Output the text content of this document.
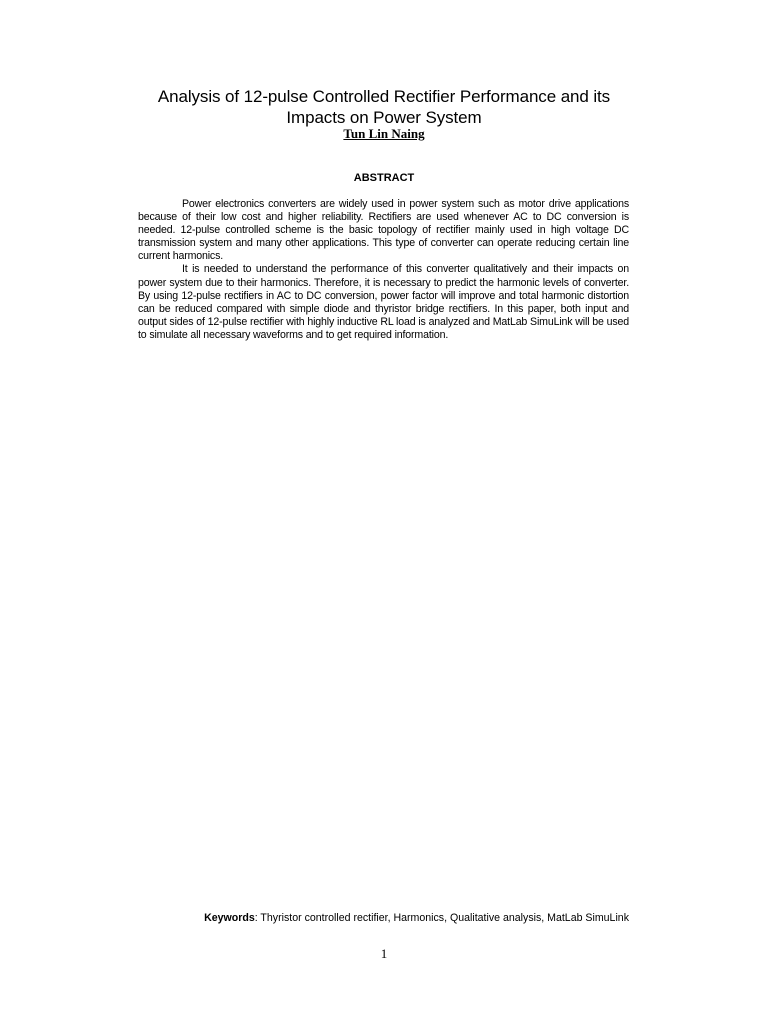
Analysis of 12-pulse Controlled Rectifier Performance and its
Impacts on Power System
Tun Lin Naing
ABSTRACT

Power electronics converters are widely used in power system such as motor drive applications because of their low cost and higher reliability. Rectifiers are used whenever AC to DC conversion is needed. 12-pulse controlled scheme is the basic topology of rectifier mainly used in high voltage DC transmission system and many other applications. This type of converter can operate reducing certain line current harmonics.

It is needed to understand the performance of this converter qualitatively and their impacts on power system due to their harmonics. Therefore, it is necessary to predict the harmonic levels of converter. By using 12-pulse rectifiers in AC to DC conversion, power factor will improve and total harmonic distortion can be reduced compared with simple diode and thyristor bridge rectifiers. In this paper, both input and output sides of 12-pulse rectifier with highly inductive RL load is analyzed and MatLab SimuLink will be used to simulate all necessary waveforms and to get required information.

Keywords: Thyristor controlled rectifier, Harmonics, Qualitative analysis, MatLab SimuLink
1
